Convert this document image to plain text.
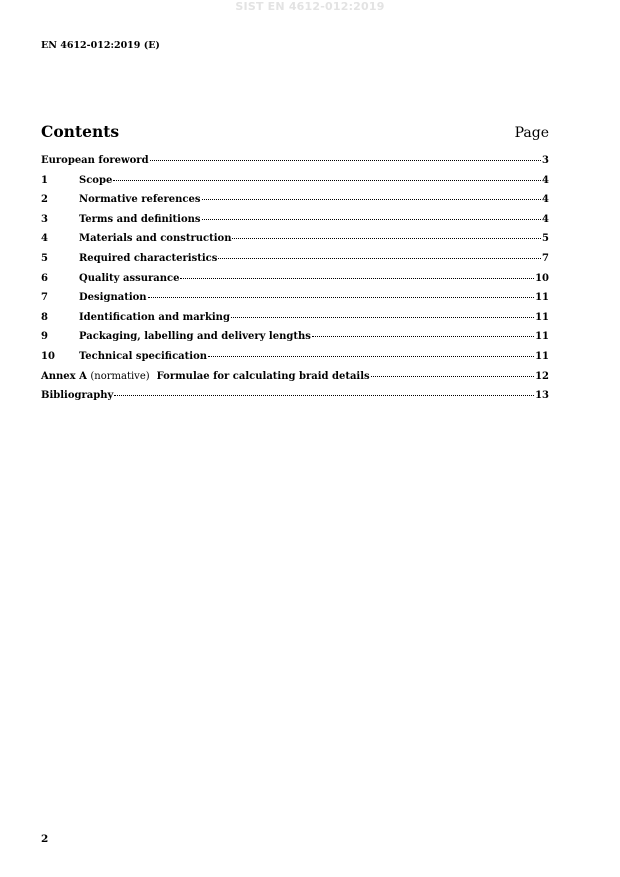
SIST EN 4612-012:2019
EN 4612-012:2019 (E)
Contents	Page
European foreword	3
1	Scope	4
2	Normative references	4
3	Terms and definitions	4
4	Materials and construction	5
5	Required characteristics	7
6	Quality assurance	10
7	Designation	11
8	Identification and marking	11
9	Packaging, labelling and delivery lengths	11
10	Technical specification	11
Annex A (normative) Formulae for calculating braid details	12
Bibliography	13
2
